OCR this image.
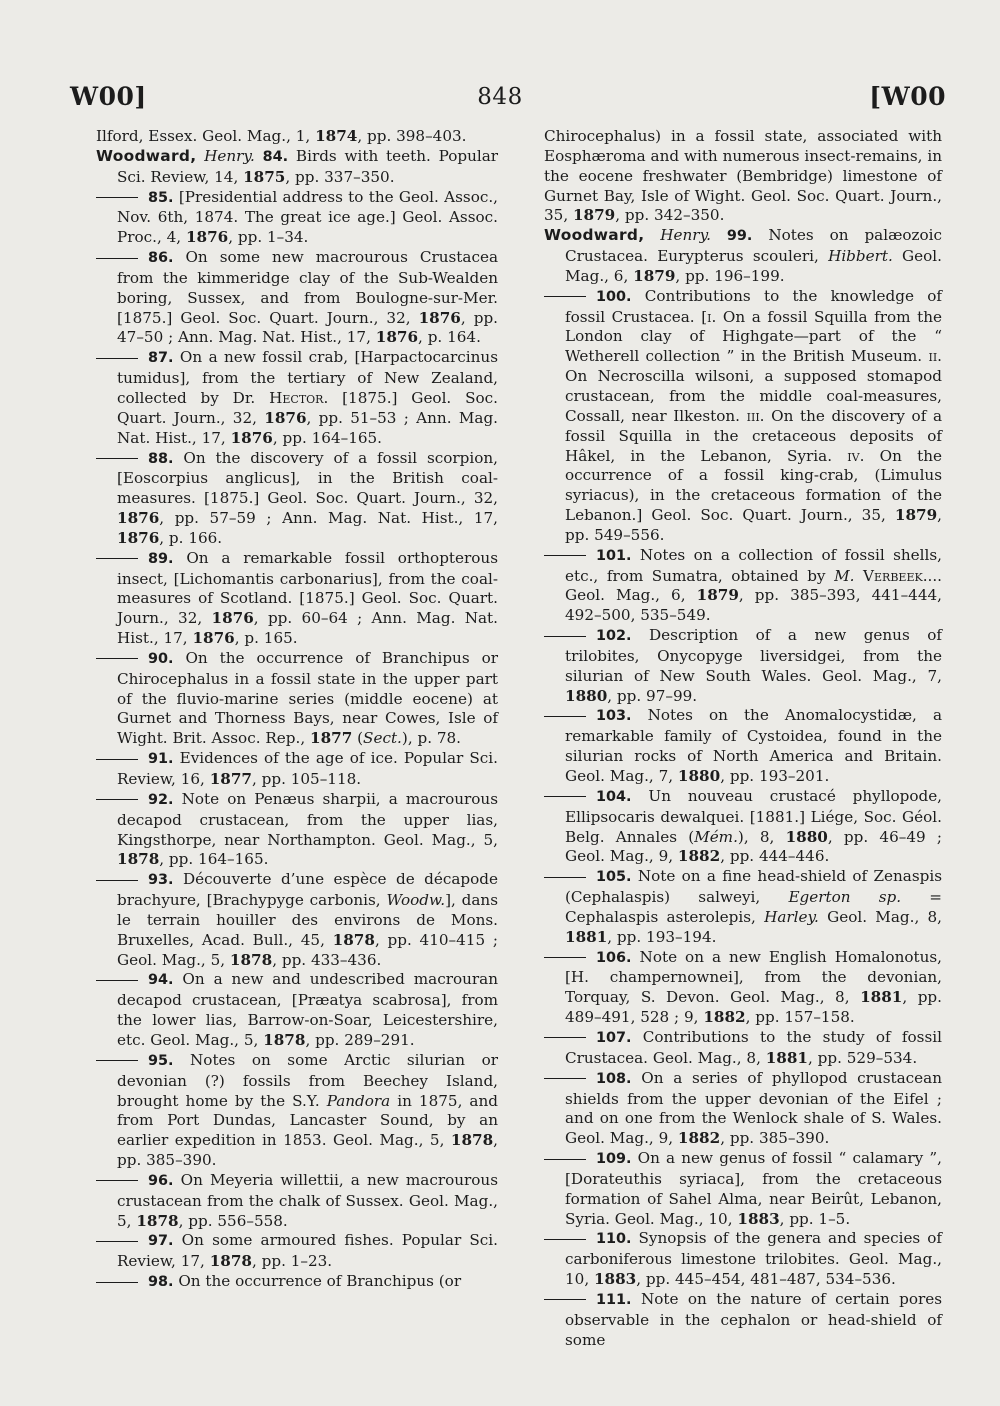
W00]	848	[W00

Ilford, Essex. Geol. Mag., 1, 1874, pp. 398–403.

Woodward, Henry. 84. Birds with teeth. Popular Sci. Review, 14, 1875, pp. 337–350.

85. [Presidential address to the Geol. Assoc., Nov. 6th, 1874. The great ice age.] Geol. Assoc. Proc., 4, 1876, pp. 1–34.

86. On some new macrourous Crustacea from the kimmeridge clay of the Sub-Wealden boring, Sussex, and from Boulogne-sur-Mer. [1875.] Geol. Soc. Quart. Journ., 32, 1876, pp. 47–50 ; Ann. Mag. Nat. Hist., 17, 1876, p. 164.

87. On a new fossil crab, [Harpactocarcinus tumidus], from the tertiary of New Zealand, collected by Dr. Hector. [1875.] Geol. Soc. Quart. Journ., 32, 1876, pp. 51–53 ; Ann. Mag. Nat. Hist., 17, 1876, pp. 164–165.

88. On the discovery of a fossil scorpion, [Eoscorpius anglicus], in the British coal-measures. [1875.] Geol. Soc. Quart. Journ., 32, 1876, pp. 57–59 ; Ann. Mag. Nat. Hist., 17, 1876, p. 166.

89. On a remarkable fossil orthopterous insect, [Lichomantis carbonarius], from the coal-measures of Scotland. [1875.] Geol. Soc. Quart. Journ., 32, 1876, pp. 60–64 ; Ann. Mag. Nat. Hist., 17, 1876, p. 165.

90. On the occurrence of Branchipus or Chirocephalus in a fossil state in the upper part of the fluvio-marine series (middle eocene) at Gurnet and Thorness Bays, near Cowes, Isle of Wight. Brit. Assoc. Rep., 1877 (Sect.), p. 78.

91. Evidences of the age of ice. Popular Sci. Review, 16, 1877, pp. 105–118.

92. Note on Penæus sharpii, a macrourous decapod crustacean, from the upper lias, Kingsthorpe, near Northampton. Geol. Mag., 5, 1878, pp. 164–165.

93. Découverte d’une espèce de décapode brachyure, [Brachypyge carbonis, Woodw.], dans le terrain houiller des environs de Mons. Bruxelles, Acad. Bull., 45, 1878, pp. 410–415 ; Geol. Mag., 5, 1878, pp. 433–436.

94. On a new and undescribed macrouran decapod crustacean, [Præatya scabrosa], from the lower lias, Barrow-on-Soar, Leicestershire, etc. Geol. Mag., 5, 1878, pp. 289–291.

95. Notes on some Arctic silurian or devonian (?) fossils from Beechey Island, brought home by the S.Y. Pandora in 1875, and from Port Dundas, Lancaster Sound, by an earlier expedition in 1853. Geol. Mag., 5, 1878, pp. 385–390.

96. On Meyeria willettii, a new macrourous crustacean from the chalk of Sussex. Geol. Mag., 5, 1878, pp. 556–558.

97. On some armoured fishes. Popular Sci. Review, 17, 1878, pp. 1–23.

98. On the occurrence of Branchipus (or

Chirocephalus) in a fossil state, associated with Eosphæroma and with numerous insect-remains, in the eocene freshwater (Bembridge) limestone of Gurnet Bay, Isle of Wight. Geol. Soc. Quart. Journ., 35, 1879, pp. 342–350.

Woodward, Henry. 99. Notes on palæozoic Crustacea. Eurypterus scouleri, Hibbert. Geol. Mag., 6, 1879, pp. 196–199.

100. Contributions to the knowledge of fossil Crustacea. [i. On a fossil Squilla from the London clay of Highgate—part of the “ Wetherell collection ” in the British Museum. ii. On Necroscilla wilsoni, a supposed stomapod crustacean, from the middle coal-measures, Cossall, near Ilkeston. iii. On the discovery of a fossil Squilla in the cretaceous deposits of Hâkel, in the Lebanon, Syria. iv. On the occurrence of a fossil king-crab, (Limulus syriacus), in the cretaceous formation of the Lebanon.] Geol. Soc. Quart. Journ., 35, 1879, pp. 549–556.

101. Notes on a collection of fossil shells, etc., from Sumatra, obtained by M. Verbeek.... Geol. Mag., 6, 1879, pp. 385–393, 441–444, 492–500, 535–549.

102. Description of a new genus of trilobites, Onycopyge liversidgei, from the silurian of New South Wales. Geol. Mag., 7, 1880, pp. 97–99.

103. Notes on the Anomalocystidæ, a remarkable family of Cystoidea, found in the silurian rocks of North America and Britain. Geol. Mag., 7, 1880, pp. 193–201.

104. Un nouveau crustacé phyllopode, Ellipsocaris dewalquei. [1881.] Liége, Soc. Géol. Belg. Annales (Mém.), 8, 1880, pp. 46–49 ; Geol. Mag., 9, 1882, pp. 444–446.

105. Note on a fine head-shield of Zenaspis (Cephalaspis) salweyi, Egerton sp. = Cephalaspis asterolepis, Harley. Geol. Mag., 8, 1881, pp. 193–194.

106. Note on a new English Homalonotus, [H. champernownei], from the devonian, Torquay, S. Devon. Geol. Mag., 8, 1881, pp. 489–491, 528 ; 9, 1882, pp. 157–158.

107. Contributions to the study of fossil Crustacea. Geol. Mag., 8, 1881, pp. 529–534.

108. On a series of phyllopod crustacean shields from the upper devonian of the Eifel ; and on one from the Wenlock shale of S. Wales. Geol. Mag., 9, 1882, pp. 385–390.

109. On a new genus of fossil “ calamary ”, [Dorateuthis syriaca], from the cretaceous formation of Sahel Alma, near Beirût, Lebanon, Syria. Geol. Mag., 10, 1883, pp. 1–5.

110. Synopsis of the genera and species of carboniferous limestone trilobites. Geol. Mag., 10, 1883, pp. 445–454, 481–487, 534–536.

111. Note on the nature of certain pores observable in the cephalon or head-shield of some
